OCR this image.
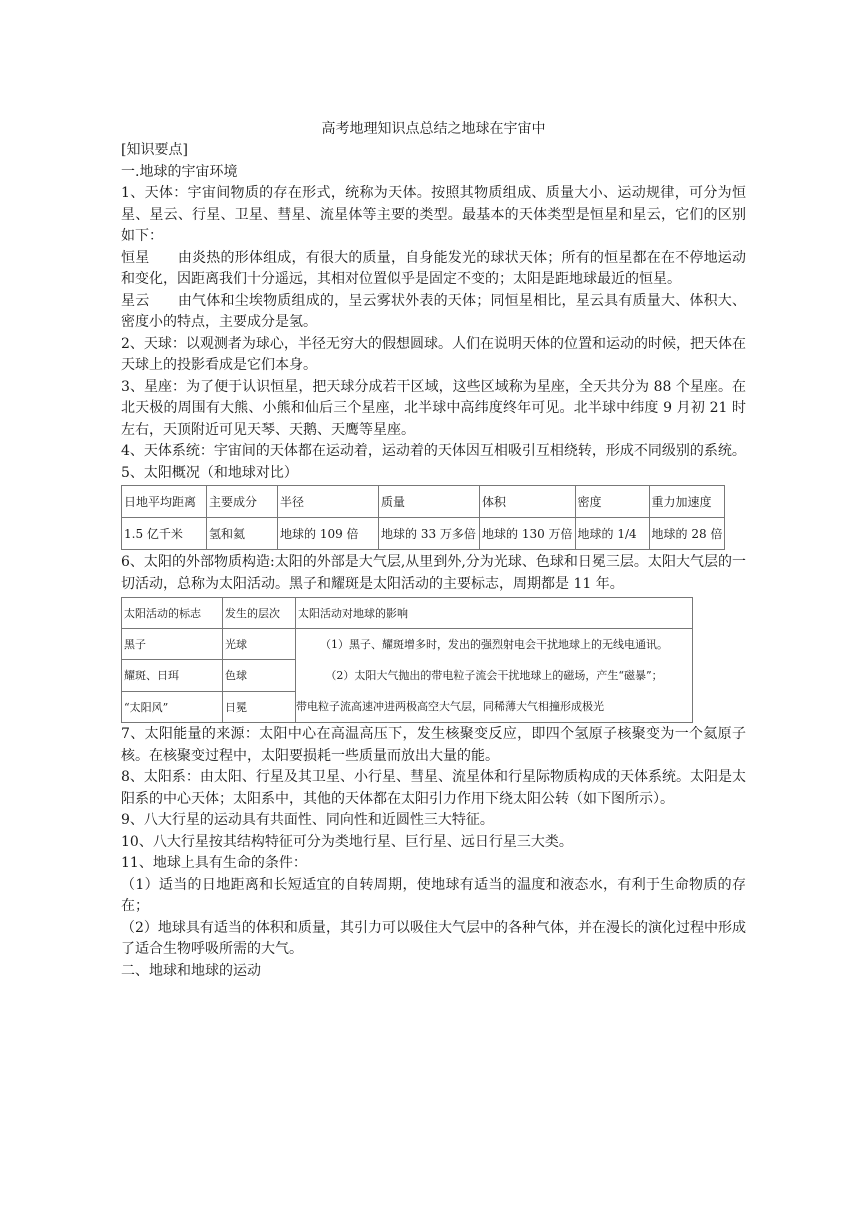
高考地理知识点总结之地球在宇宙中

[知识要点]

一.地球的宇宙环境

1、天体：宇宙间物质的存在形式，统称为天体。按照其物质组成、质量大小、运动规律，可分为恒星、星云、行星、卫星、彗星、流星体等主要的类型。最基本的天体类型是恒星和星云，它们的区别如下：

恒星　　由炎热的形体组成，有很大的质量，自身能发光的球状天体；所有的恒星都在在不停地运动和变化，因距离我们十分遥远，其相对位置似乎是固定不变的；太阳是距地球最近的恒星。

星云　　由气体和尘埃物质组成的，呈云雾状外表的天体；同恒星相比，星云具有质量大、体积大、密度小的特点，主要成分是氢。

2、天球：以观测者为球心，半径无穷大的假想圆球。人们在说明天体的位置和运动的时候，把天体在天球上的投影看成是它们本身。

3、星座：为了便于认识恒星，把天球分成若干区域，这些区域称为星座，全天共分为 88 个星座。在北天极的周围有大熊、小熊和仙后三个星座，北半球中高纬度终年可见。北半球中纬度 9 月初 21 时左右，天顶附近可见天琴、天鹅、天鹰等星座。

4、天体系统：宇宙间的天体都在运动着，运动着的天体因互相吸引互相绕转，形成不同级别的系统。

5、太阳概况（和地球对比）

日地平均距离	主要成分	半径	质量	体积	密度	重力加速度
1.5 亿千米	氢和氦	地球的 109 倍	地球的 33 万多倍	地球的 130 万倍	地球的 1/4	地球的 28 倍

6、太阳的外部物质构造:太阳的外部是大气层,从里到外,分为光球、色球和日冕三层。太阳大气层的一切活动，总称为太阳活动。黑子和耀斑是太阳活动的主要标志，周期都是 11 年。

太阳活动的标志	发生的层次	太阳活动对地球的影响
黑子	光球	（1）黑子、耀斑增多时，发出的强烈射电会干扰地球上的无线电通讯。
（2）太阳大气抛出的带电粒子流会干扰地球上的磁场，产生“磁暴”；
带电粒子流高速冲进两极高空大气层，同稀薄大气相撞形成极光

耀斑、日珥	色球	
“太阳风”	日冕	

7、太阳能量的来源：太阳中心在高温高压下，发生核聚变反应，即四个氢原子核聚变为一个氦原子核。在核聚变过程中，太阳要损耗一些质量而放出大量的能。

8、太阳系：由太阳、行星及其卫星、小行星、彗星、流星体和行星际物质构成的天体系统。太阳是太阳系的中心天体；太阳系中，其他的天体都在太阳引力作用下绕太阳公转（如下图所示）。

9、八大行星的运动具有共面性、同向性和近圆性三大特征。

10、八大行星按其结构特征可分为类地行星、巨行星、远日行星三大类。

11、地球上具有生命的条件：

（1）适当的日地距离和长短适宜的自转周期，使地球有适当的温度和液态水，有利于生命物质的存在；

（2）地球具有适当的体积和质量，其引力可以吸住大气层中的各种气体，并在漫长的演化过程中形成了适合生物呼吸所需的大气。

二、地球和地球的运动
